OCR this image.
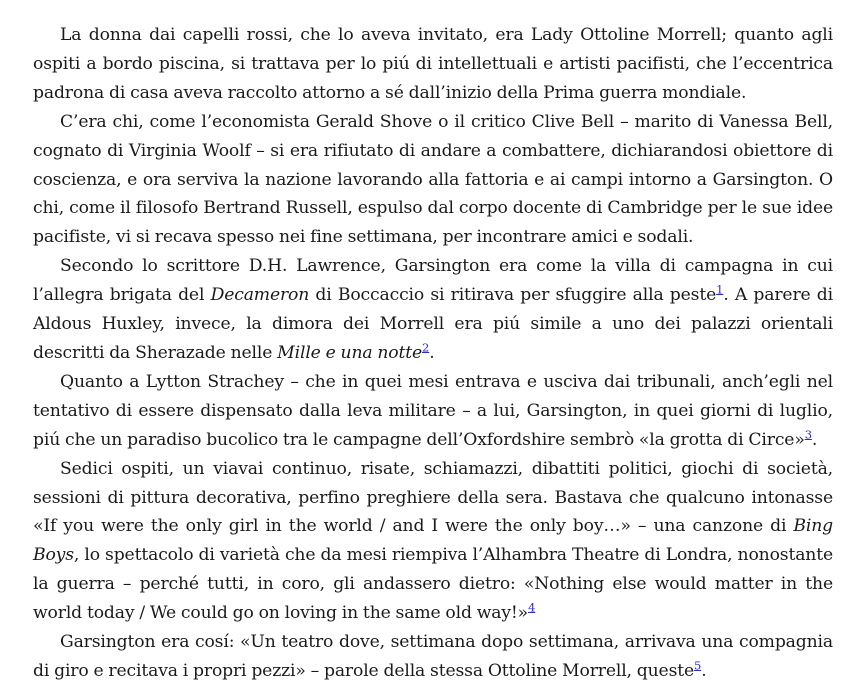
La donna dai capelli rossi, che lo aveva invitato, era Lady Ottoline Morrell; quanto agli ospiti a bordo piscina, si trattava per lo piú di intellettuali e artisti pacifisti, che l’eccentrica padrona di casa aveva raccolto attorno a sé dall’inizio della Prima guerra mondiale.

C’era chi, come l’economista Gerald Shove o il critico Clive Bell – marito di Vanessa Bell, cognato di Virginia Woolf – si era rifiutato di andare a combattere, dichiarandosi obiettore di coscienza, e ora serviva la nazione lavorando alla fattoria e ai campi intorno a Garsington. O chi, come il filosofo Bertrand Russell, espulso dal corpo docente di Cambridge per le sue idee pacifiste, vi si recava spesso nei fine settimana, per incontrare amici e sodali.

Secondo lo scrittore D.H. Lawrence, Garsington era come la villa di campagna in cui l’allegra brigata del Decameron di Boccaccio si ritirava per sfuggire alla peste$^1$. A parere di Aldous Huxley, invece, la dimora dei Morrell era piú simile a uno dei palazzi orientali descritti da Sherazade nelle Mille e una notte$^2$.

Quanto a Lytton Strachey – che in quei mesi entrava e usciva dai tribunali, anch’egli nel tentativo di essere dispensato dalla leva militare – a lui, Garsington, in quei giorni di luglio, piú che un paradiso bucolico tra le campagne dell’Oxfordshire sembrò «la grotta di Circe»$^3$.

Sedici ospiti, un viavai continuo, risate, schiamazzi, dibattiti politici, giochi di società, sessioni di pittura decorativa, perfino preghiere della sera. Bastava che qualcuno intonasse «If you were the only girl in the world / and I were the only boy…» – una canzone di Bing Boys, lo spettacolo di varietà che da mesi riempiva l’Alhambra Theatre di Londra, nonostante la guerra – perché tutti, in coro, gli andassero dietro: «Nothing else would matter in the world today / We could go on loving in the same old way!»$^4$

Garsington era cosí: «Un teatro dove, settimana dopo settimana, arrivava una compagnia di giro e recitava i propri pezzi» – parole della stessa Ottoline Morrell, queste$^5$.
